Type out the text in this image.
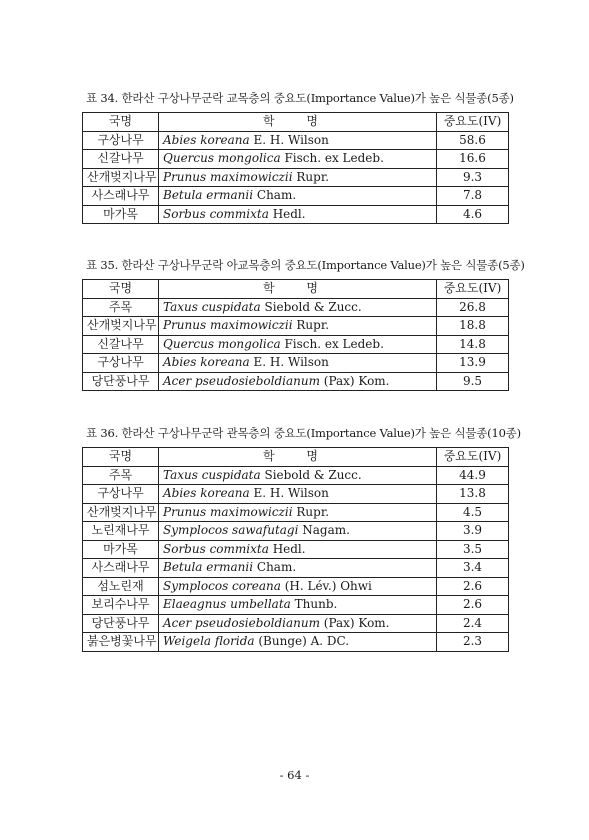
표 34. 한라산 구상나무군락 교목층의 중요도(Importance Value)가 높은 식물종(5종)
국명	학 명	중요도(IV)
구상나무	Abies koreana E. H. Wilson	58.6
신갈나무	Quercus mongolica Fisch. ex Ledeb.	16.6
산개벚지나무	Prunus maximowiczii Rupr.	9.3
사스래나무	Betula ermanii Cham.	7.8
마가목	Sorbus commixta Hedl.	4.6
표 35. 한라산 구상나무군락 아교목층의 중요도(Importance Value)가 높은 식물종(5종)
국명	학 명	중요도(IV)
주목	Taxus cuspidata Siebold & Zucc.	26.8
산개벚지나무	Prunus maximowiczii Rupr.	18.8
신갈나무	Quercus mongolica Fisch. ex Ledeb.	14.8
구상나무	Abies koreana E. H. Wilson	13.9
당단풍나무	Acer pseudosieboldianum (Pax) Kom.	9.5
표 36. 한라산 구상나무군락 관목층의 중요도(Importance Value)가 높은 식물종(10종)
국명	학 명	중요도(IV)
주목	Taxus cuspidata Siebold & Zucc.	44.9
구상나무	Abies koreana E. H. Wilson	13.8
산개벚지나무	Prunus maximowiczii Rupr.	4.5
노린재나무	Symplocos sawafutagi Nagam.	3.9
마가목	Sorbus commixta Hedl.	3.5
사스래나무	Betula ermanii Cham.	3.4
섬노린재	Symplocos coreana (H. Lév.) Ohwi	2.6
보리수나무	Elaeagnus umbellata Thunb.	2.6
당단풍나무	Acer pseudosieboldianum (Pax) Kom.	2.4
붉은병꽃나무	Weigela florida (Bunge) A. DC.	2.3
- 64 -
